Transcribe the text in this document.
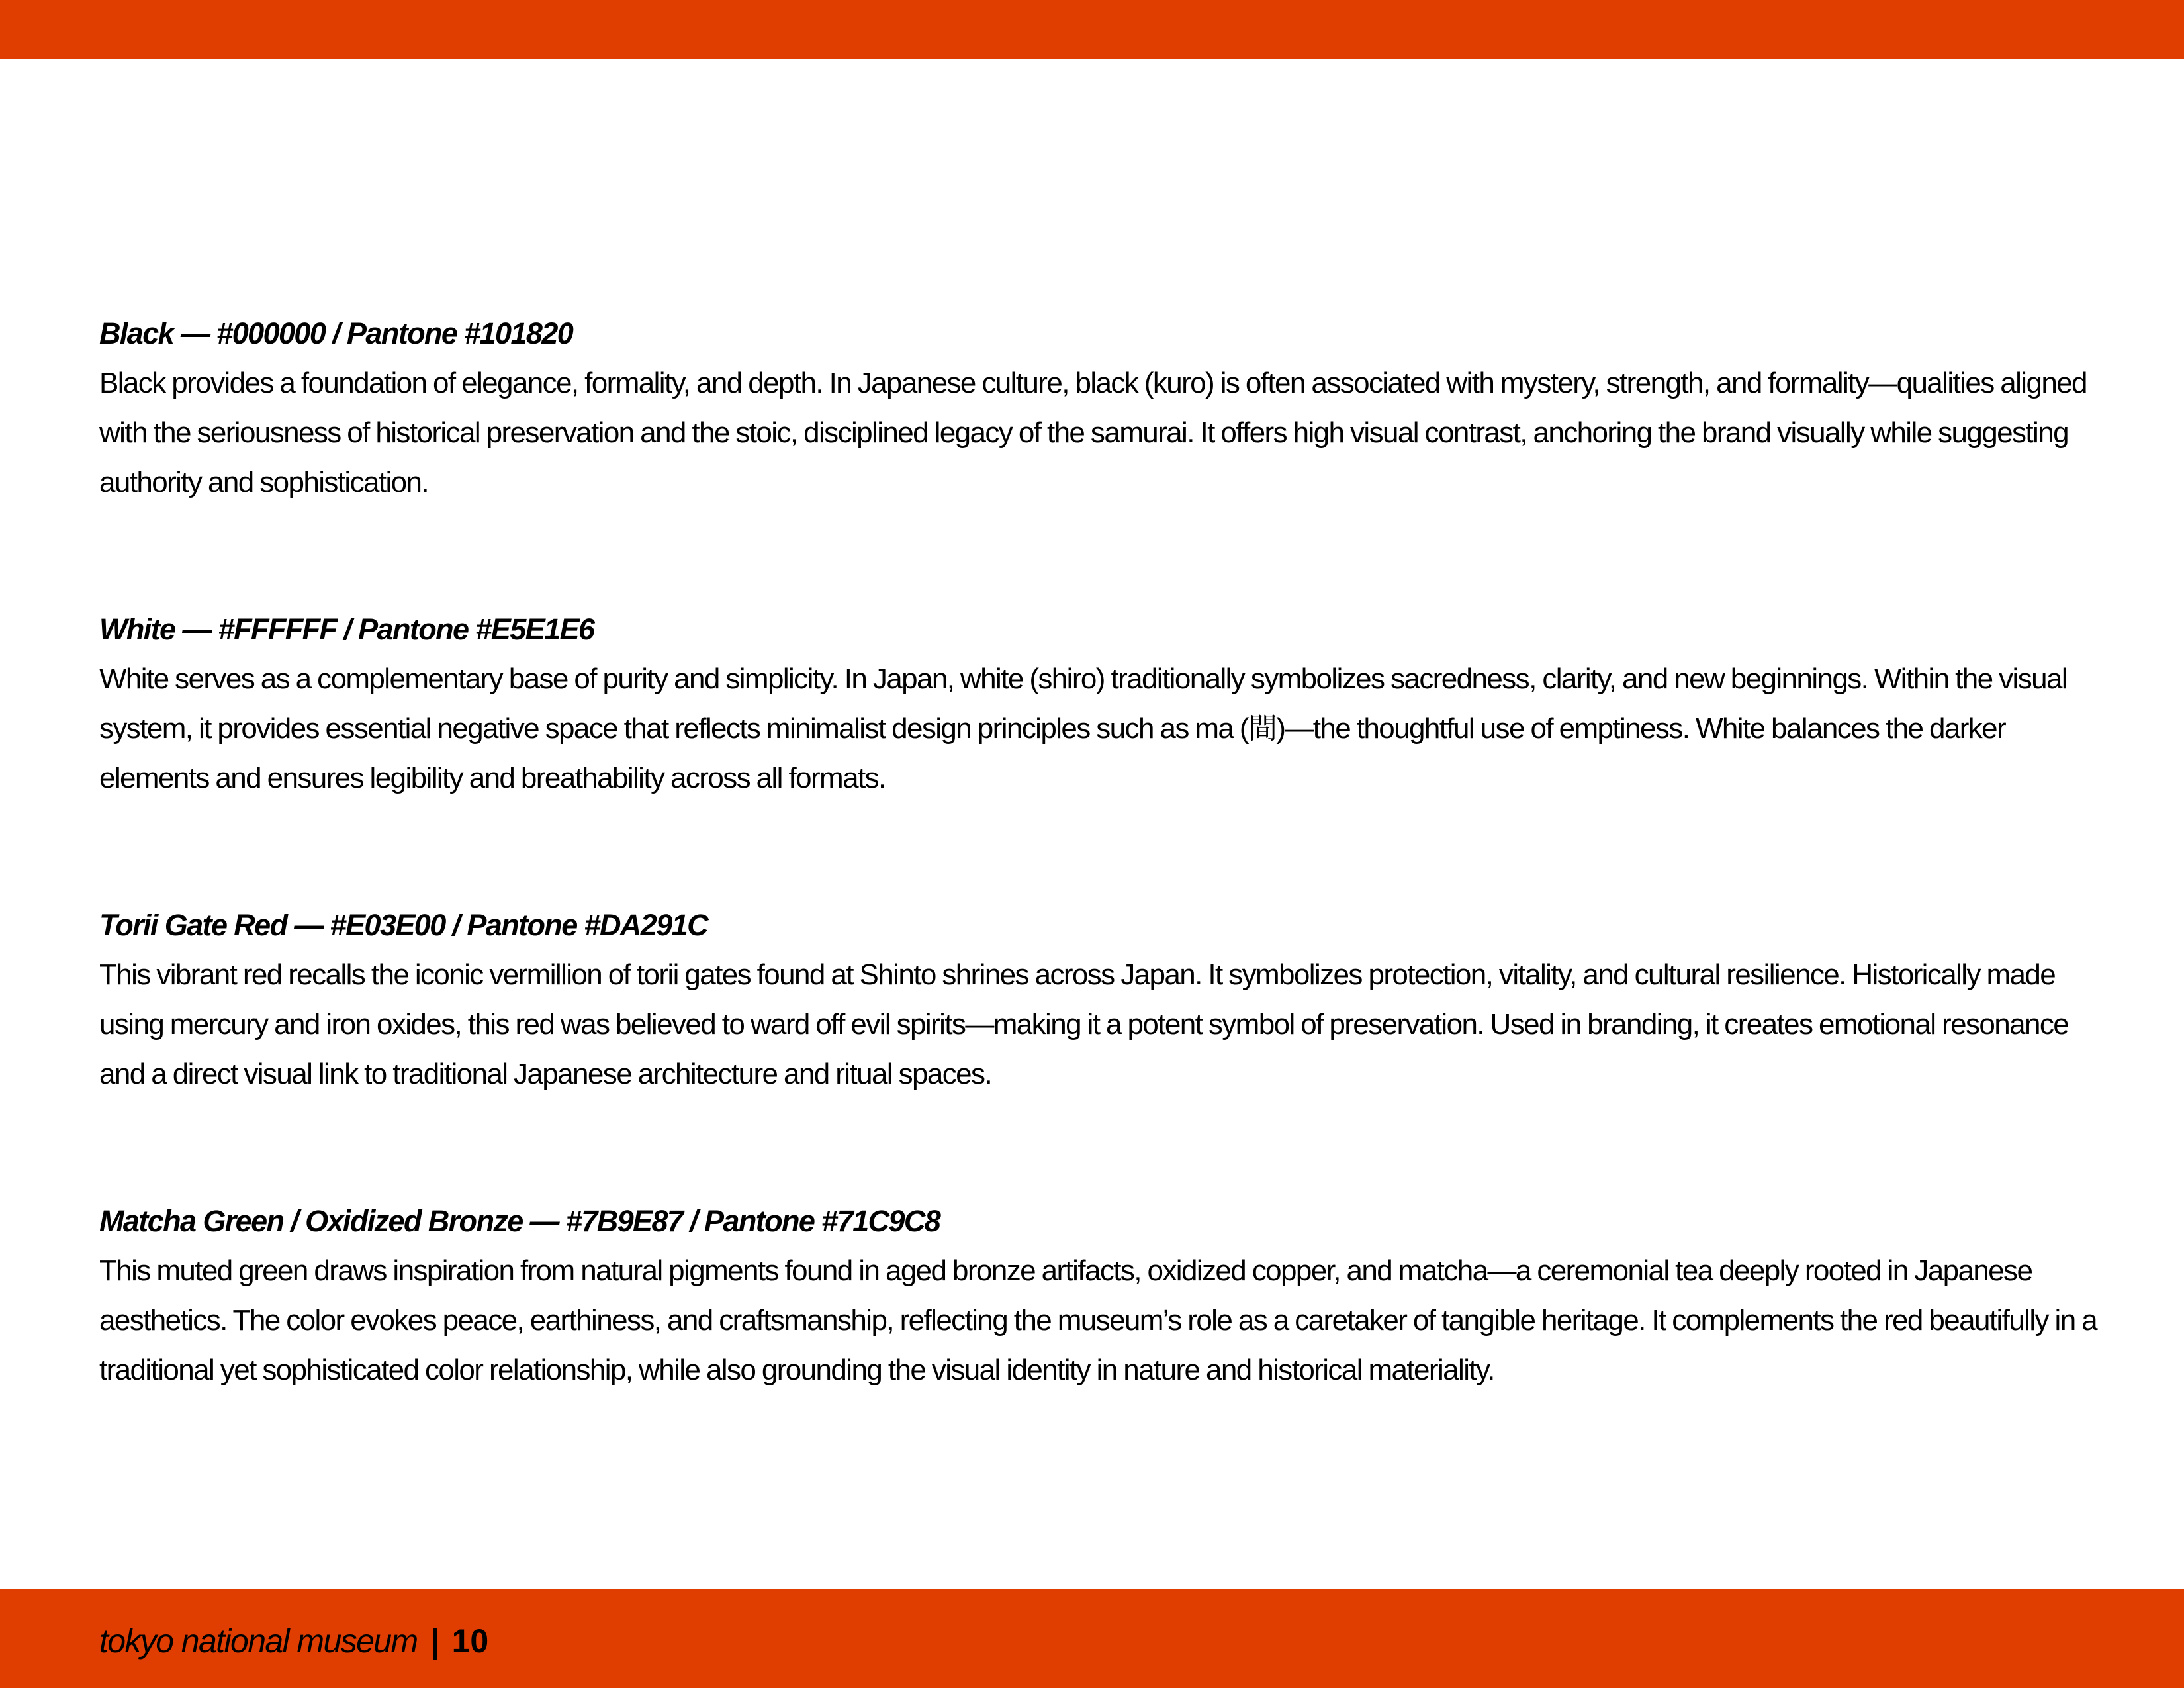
Black — #000000 / Pantone #101820

Black provides a foundation of elegance, formality, and depth. In Japanese culture, black (kuro) is often associated with mystery, strength, and formality—qualities aligned with the seriousness of historical preservation and the stoic, disciplined legacy of the samurai. It offers high visual contrast, anchoring the brand visually while suggesting authority and sophistication.

White — #FFFFFF / Pantone #E5E1E6

White serves as a complementary base of purity and simplicity. In Japan, white (shiro) traditionally symbolizes sacredness, clarity, and new beginnings. Within the visual system, it provides essential negative space that reflects minimalist design principles such as ma (間)—the thoughtful use of emptiness. White balances the darker elements and ensures legibility and breathability across all formats.

Torii Gate Red — #E03E00 / Pantone #DA291C

This vibrant red recalls the iconic vermillion of torii gates found at Shinto shrines across Japan. It symbolizes protection, vitality, and cultural resilience. Historically made using mercury and iron oxides, this red was believed to ward off evil spirits—making it a potent symbol of preservation. Used in branding, it creates emotional resonance and a direct visual link to traditional Japanese architecture and ritual spaces.

Matcha Green / Oxidized Bronze — #7B9E87 / Pantone #71C9C8

This muted green draws inspiration from natural pigments found in aged bronze artifacts, oxidized copper, and matcha—a ceremonial tea deeply rooted in Japanese aesthetics. The color evokes peace, earthiness, and craftsmanship, reflecting the museum’s role as a caretaker of tangible heritage. It complements the red beautifully in a traditional yet sophisticated color relationship, while also grounding the visual identity in nature and historical materiality.

tokyo national museum | 10
